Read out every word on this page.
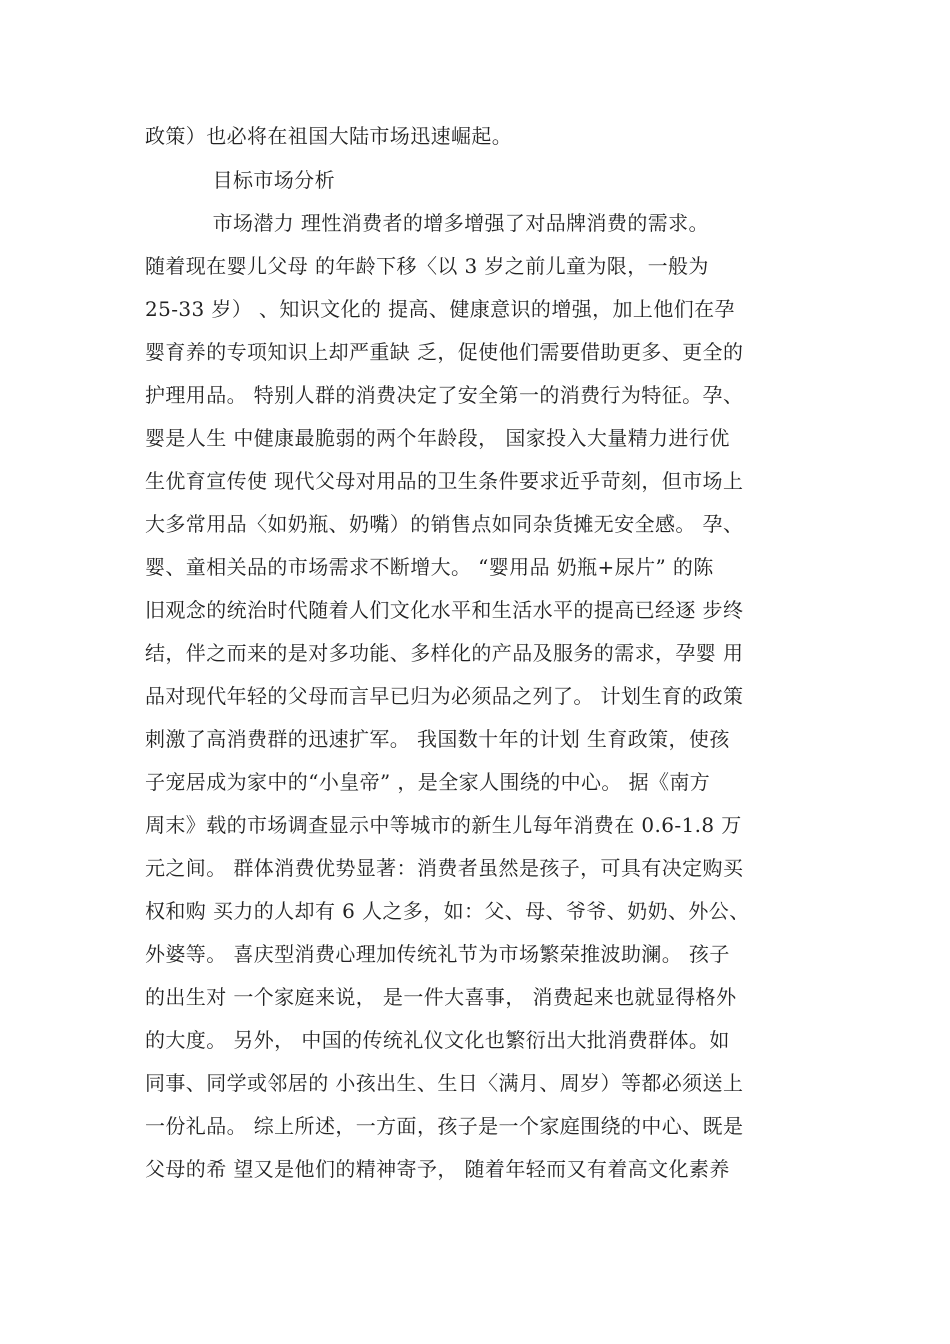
政策）也必将在祖国大陆市场迅速崛起。
目标市场分析
市场潜力 理性消费者的增多增强了对品牌消费的需求。
随着现在婴儿父母 的年龄下移〈以 3 岁之前儿童为限，一般为
25-33 岁） 、知识文化的 提高、健康意识的增强，加上他们在孕
婴育养的专项知识上却严重缺 乏，促使他们需要借助更多、更全的
护理用品。 特别人群的消费决定了安全第一的消费行为特征。孕、
婴是人生 中健康最脆弱的两个年龄段， 国家投入大量精力进行优
生优育宣传使 现代父母对用品的卫生条件要求近乎苛刻，但市场上
大多常用品〈如奶瓶、奶嘴）的销售点如同杂货摊无安全感。 孕、
婴、童相关品的市场需求不断增大。 “婴用品 奶瓶+尿片” 的陈
旧观念的统治时代随着人们文化水平和生活水平的提高已经逐 步终
结，伴之而来的是对多功能、多样化的产品及服务的需求，孕婴 用
品对现代年轻的父母而言早已归为必须品之列了。 计划生育的政策
刺激了高消费群的迅速扩军。 我国数十年的计划 生育政策，使孩
子宠居成为家中的“小皇帝” ，是全家人围绕的中心。 据《南方
周末》载的市场调查显示中等城市的新生儿每年消费在 0.6-1.8 万
元之间。 群体消费优势显著：消费者虽然是孩子，可具有决定购买
权和购 买力的人却有 6 人之多，如：父、母、爷爷、奶奶、外公、
外婆等。 喜庆型消费心理加传统礼节为市场繁荣推波助澜。 孩子
的出生对 一个家庭来说， 是一件大喜事， 消费起来也就显得格外
的大度。 另外， 中国的传统礼仪文化也繁衍出大批消费群体。如
同事、同学或邻居的 小孩出生、生日〈满月、周岁）等都必须送上
一份礼品。 综上所述，一方面，孩子是一个家庭围绕的中心、既是
父母的希 望又是他们的精神寄予， 随着年轻而又有着高文化素养
